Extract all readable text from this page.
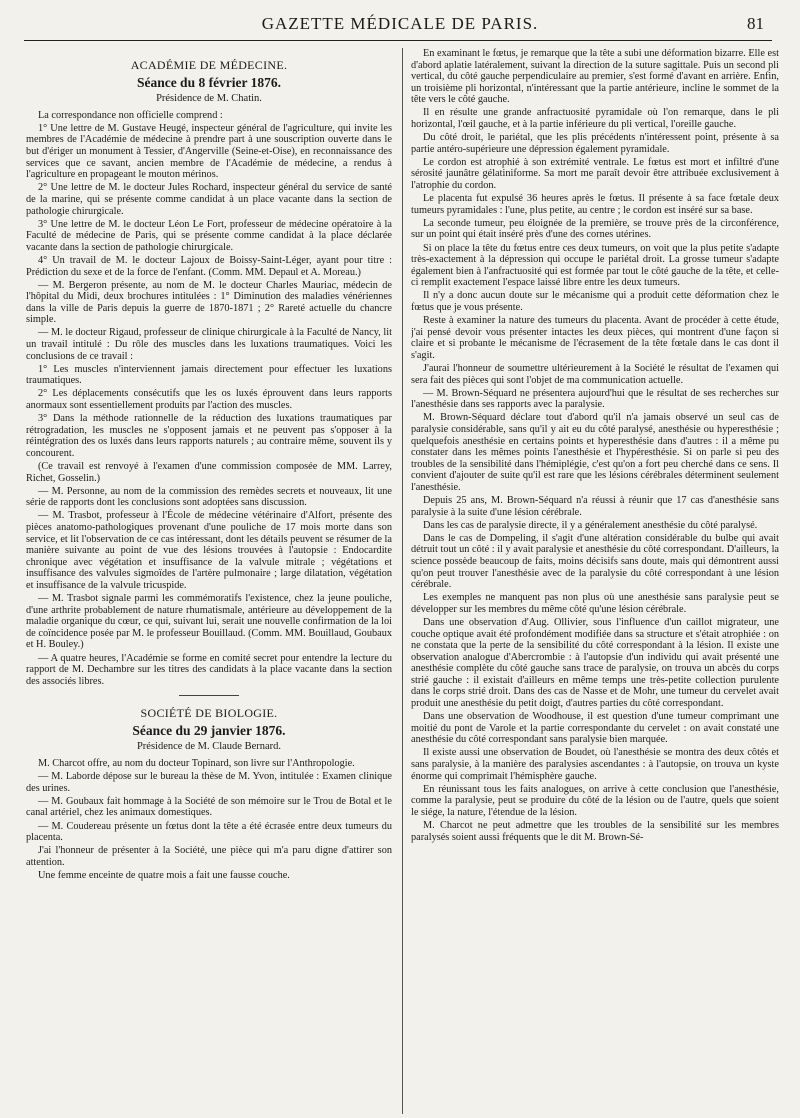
GAZETTE MÉDICALE DE PARIS.	81
ACADÉMIE DE MÉDECINE.
Séance du 8 février 1876.
Présidence de M. Chatin.

La correspondance non officielle comprend :

1° Une lettre de M. Gustave Heugé, inspecteur général de l'agriculture, qui invite les membres de l'Académie de médecine à prendre part à une souscription ouverte dans le but d'ériger un monument à Tessier, d'Angerville (Seine-et-Oise), en reconnaissance des services que ce savant, ancien membre de l'Académie de médecine, a rendus à l'agriculture en propageant le mouton mérinos.

2° Une lettre de M. le docteur Jules Rochard, inspecteur général du service de santé de la marine, qui se présente comme candidat à un place vacante dans la section de pathologie chirurgicale.

3° Une lettre de M. le docteur Léon Le Fort, professeur de médecine opératoire à la Faculté de médecine de Paris, qui se présente comme candidat à la place déclarée vacante dans la section de pathologie chirurgicale.

4° Un travail de M. le docteur Lajoux de Boissy-Saint-Léger, ayant pour titre : Prédiction du sexe et de la force de l'enfant. (Comm. MM. Depaul et A. Moreau.)

— M. Bergeron présente, au nom de M. le docteur Charles Mauriac, médecin de l'hôpital du Midi, deux brochures intitulées : 1° Diminution des maladies vénériennes dans la ville de Paris depuis la guerre de 1870-1871 ; 2° Rareté actuelle du chancre simple.

— M. le docteur Rigaud, professeur de clinique chirurgicale à la Faculté de Nancy, lit un travail intitulé : Du rôle des muscles dans les luxations traumatiques. Voici les conclusions de ce travail :

1° Les muscles n'interviennent jamais directement pour effectuer les luxations traumatiques.

2° Les déplacements consécutifs que les os luxés éprouvent dans leurs rapports anormaux sont essentiellement produits par l'action des muscles.

3° Dans la méthode rationnelle de la réduction des luxations traumatiques par rétrogradation, les muscles ne s'opposent jamais et ne peuvent pas s'opposer à la réintégration des os luxés dans leurs rapports naturels ; au contraire même, souvent ils y concourent.

(Ce travail est renvoyé à l'examen d'une commission composée de MM. Larrey, Richet, Gosselin.)

— M. Personne, au nom de la commission des remèdes secrets et nouveaux, lit une série de rapports dont les conclusions sont adoptées sans discussion.

— M. Trasbot, professeur à l'École de médecine vétérinaire d'Alfort, présente des pièces anatomo-pathologiques provenant d'une pouliche de 17 mois morte dans son service, et lit l'observation de ce cas intéressant, dont les détails peuvent se résumer de la manière suivante au point de vue des lésions trouvées à l'autopsie : Endocardite chronique avec végétation et insuffisance de la valvule mitrale ; végétations et insuffisance des valvules sigmoïdes de l'artère pulmonaire ; large dilatation, végétation et insuffisance de la valvule tricuspide.

— M. Trasbot signale parmi les commémoratifs l'existence, chez la jeune pouliche, d'une arthrite probablement de nature rhumatismale, antérieure au développement de la maladie organique du cœur, ce qui, suivant lui, serait une nouvelle confirmation de la loi de coïncidence posée par M. le professeur Bouillaud. (Comm. MM. Bouillaud, Goubaux et H. Bouley.)

— A quatre heures, l'Académie se forme en comité secret pour entendre la lecture du rapport de M. Dechambre sur les titres des candidats à la place vacante dans la section des associés libres.

SOCIÉTÉ DE BIOLOGIE.
Séance du 29 janvier 1876.
Présidence de M. Claude Bernard.

M. Charcot offre, au nom du docteur Topinard, son livre sur l'Anthropologie.

— M. Laborde dépose sur le bureau la thèse de M. Yvon, intitulée : Examen clinique des urines.

— M. Goubaux fait hommage à la Société de son mémoire sur le Trou de Botal et le canal artériel, chez les animaux domestiques.

— M. Coudereau présente un fœtus dont la tête a été écrasée entre deux tumeurs du placenta.

J'ai l'honneur de présenter à la Société, une pièce qui m'a paru digne d'attirer son attention.

Une femme enceinte de quatre mois a fait une fausse couche.

En examinant le fœtus, je remarque que la tête a subi une déformation bizarre. Elle est d'abord aplatie latéralement, suivant la direction de la suture sagittale. Puis un second pli vertical, du côté gauche perpendiculaire au premier, s'est formé d'avant en arrière. Enfin, un troisième pli horizontal, n'intéressant que la partie antérieure, incline le sommet de la tête vers le côté gauche.

Il en résulte une grande anfractuosité pyramidale où l'on remarque, dans le pli horizontal, l'œil gauche, et à la partie inférieure du pli vertical, l'oreille gauche.

Du côté droit, le pariétal, que les plis précédents n'intéressent point, présente à sa partie antéro-supérieure une dépression également pyramidale.

Le cordon est atrophié à son extrémité ventrale. Le fœtus est mort et infiltré d'une sérosité jaunâtre gélatiniforme. Sa mort me paraît devoir être attribuée exclusivement à l'atrophie du cordon.

Le placenta fut expulsé 36 heures après le fœtus. Il présente à sa face fœtale deux tumeurs pyramidales : l'une, plus petite, au centre ; le cordon est inséré sur sa base.

La seconde tumeur, peu éloignée de la première, se trouve près de la circonférence, sur un point qui était inséré près d'une des cornes utérines.

Si on place la tête du fœtus entre ces deux tumeurs, on voit que la plus petite s'adapte très-exactement à la dépression qui occupe le pariétal droit. La grosse tumeur s'adapte également bien à l'anfractuosité qui est formée par tout le côté gauche de la tête, et celle-ci remplit exactement l'espace laissé libre entre les deux tumeurs.

Il n'y a donc aucun doute sur le mécanisme qui a produit cette déformation chez le fœtus que je vous présente.

Reste à examiner la nature des tumeurs du placenta. Avant de procéder à cette étude, j'ai pensé devoir vous présenter intactes les deux pièces, qui montrent d'une façon si claire et si probante le mécanisme de l'écrasement de la tête fœtale dans le cas dont il s'agit.

J'aurai l'honneur de soumettre ultérieurement à la Société le résultat de l'examen qui sera fait des pièces qui sont l'objet de ma communication actuelle.

— M. Brown-Séquard ne présentera aujourd'hui que le résultat de ses recherches sur l'anesthésie dans ses rapports avec la paralysie.

M. Brown-Séquard déclare tout d'abord qu'il n'a jamais observé un seul cas de paralysie considérable, sans qu'il y ait eu du côté paralysé, anesthésie ou hyperesthésie ; quelquefois anesthésie en certains points et hyperesthésie dans d'autres : il a même pu constater dans les mêmes points l'anesthésie et l'hypéresthésie. Si on parle si peu des troubles de la sensibilité dans l'hémiplégie, c'est qu'on a fort peu cherché dans ce sens. Il convient d'ajouter de suite qu'il est rare que les lésions cérébrales déterminent seulement l'anesthésie.

Depuis 25 ans, M. Brown-Séquard n'a réussi à réunir que 17 cas d'anesthésie sans paralysie à la suite d'une lésion cérébrale.

Dans les cas de paralysie directe, il y a généralement anesthésie du côté paralysé.

Dans le cas de Dompeling, il s'agit d'une altération considérable du bulbe qui avait détruit tout un côté : il y avait paralysie et anesthésie du côté correspondant. D'ailleurs, la science possède beaucoup de faits, moins décisifs sans doute, mais qui démontrent aussi qu'on peut trouver l'anesthésie avec de la paralysie du côté correspondant à une lésion cérébrale.

Les exemples ne manquent pas non plus où une anesthésie sans paralysie peut se développer sur les membres du même côté qu'une lésion cérébrale.

Dans une observation d'Aug. Ollivier, sous l'influence d'un caillot migrateur, une couche optique avait été profondément modifiée dans sa structure et s'était atrophiée : on ne constata que la perte de la sensibilité du côté correspondant à la lésion. Il existe une observation analogue d'Abercrombie : à l'autopsie d'un individu qui avait présenté une anesthésie complète du côté gauche sans trace de paralysie, on trouva un abcès du corps strié gauche : il existait d'ailleurs en même temps une très-petite collection purulente dans le corps strié droit. Dans des cas de Nasse et de Mohr, une tumeur du cervelet avait produit une anesthésie du petit doigt, d'autres parties du côté correspondant.

Dans une observation de Woodhouse, il est question d'une tumeur comprimant une moitié du pont de Varole et la partie correspondante du cervelet : on avait constaté une anesthésie du côté correspondant sans paralysie bien marquée.

Il existe aussi une observation de Boudet, où l'anesthésie se montra des deux côtés et sans paralysie, à la manière des paralysies ascendantes : à l'autopsie, on trouva un kyste énorme qui comprimait l'hémisphère gauche.

En réunissant tous les faits analogues, on arrive à cette conclusion que l'anesthésie, comme la paralysie, peut se produire du côté de la lésion ou de l'autre, quels que soient le siége, la nature, l'étendue de la lésion.

M. Charcot ne peut admettre que les troubles de la sensibilité sur les membres paralysés soient aussi fréquents que le dit M. Brown-Sé-
